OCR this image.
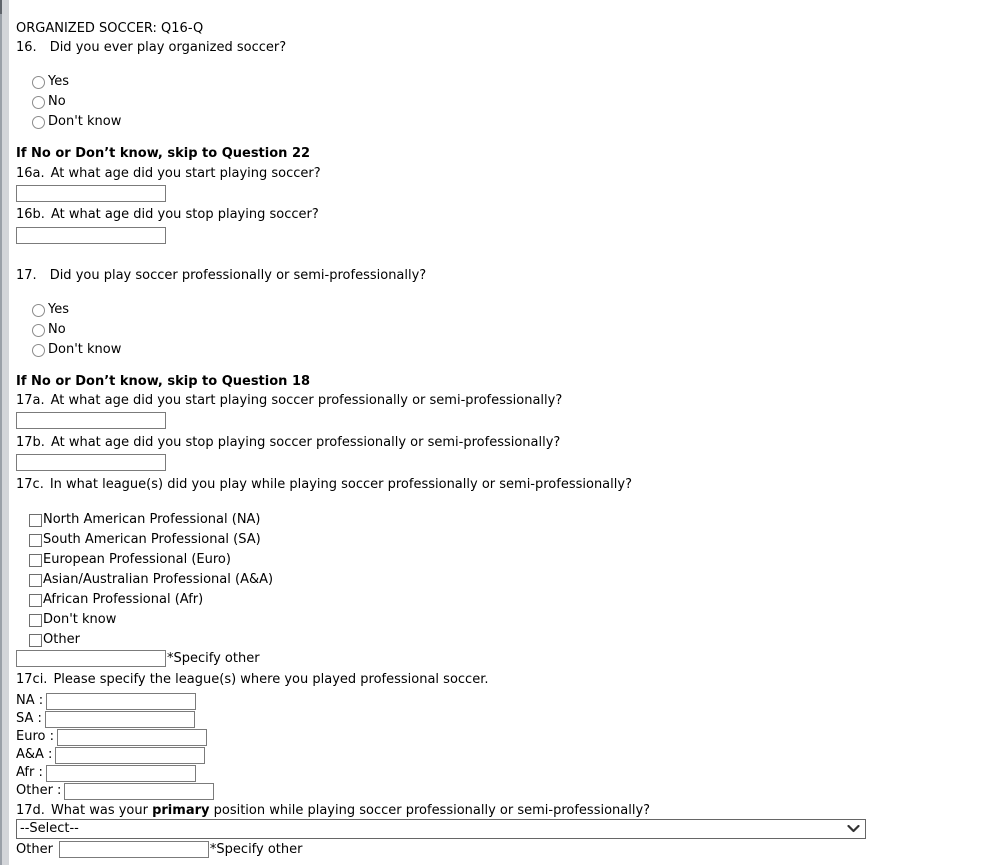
ORGANIZED SOCCER: Q16-Q
16. Did you ever play organized soccer?
Yes
No
Don't know
If No or Don’t know, skip to Question 22
16a. At what age did you start playing soccer?
16b. At what age did you stop playing soccer?
17. Did you play soccer professionally or semi-professionally?
Yes
No
Don't know
If No or Don’t know, skip to Question 18
17a. At what age did you start playing soccer professionally or semi-professionally?
17b. At what age did you stop playing soccer professionally or semi-professionally?
17c. In what league(s) did you play while playing soccer professionally or semi-professionally?
North American Professional (NA)
South American Professional (SA)
European Professional (Euro)
Asian/Australian Professional (A&A)
African Professional (Afr)
Don't know
Other
*Specify other
17ci. Please specify the league(s) where you played professional soccer.
NA :
SA :
Euro :
A&A :
Afr :
Other :
17d. What was your primary position while playing soccer professionally or semi-professionally?
--Select--
Other	*Specify other
